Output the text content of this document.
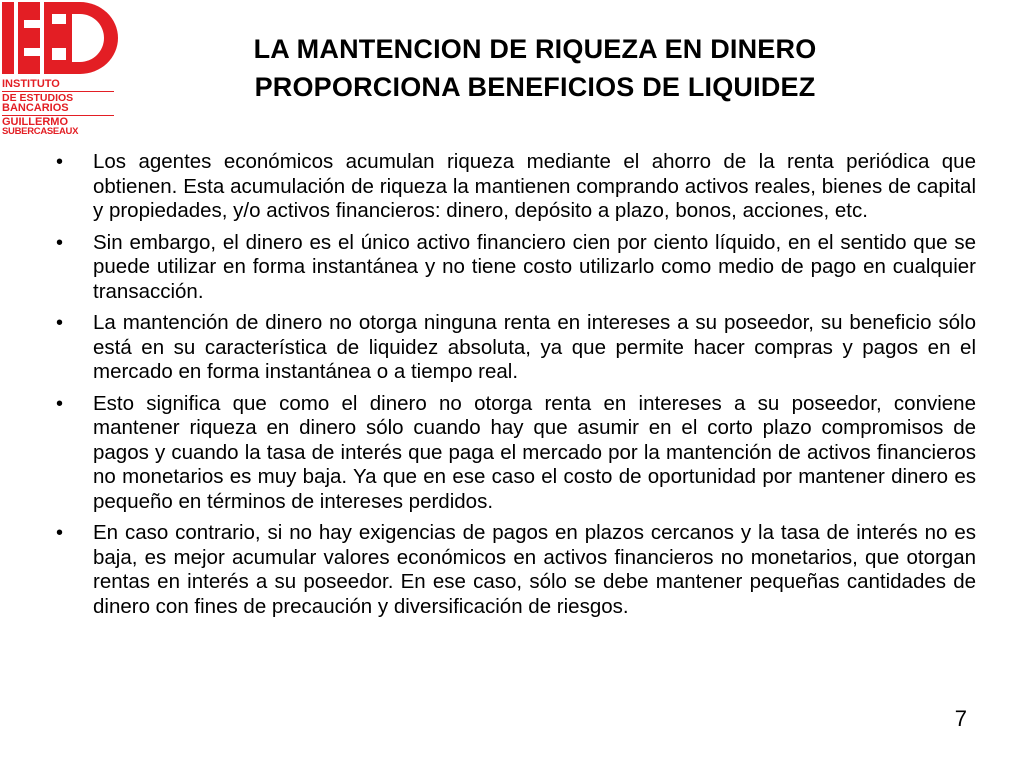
INSTITUTO
DE ESTUDIOS
BANCARIOS
GUILLERMO
SUBERCASEAUX
LA MANTENCION DE RIQUEZA EN DINERO
PROPORCIONA BENEFICIOS DE LIQUIDEZ
• Los agentes económicos acumulan riqueza mediante el ahorro de la renta periódica que obtienen. Esta acumulación de riqueza la mantienen comprando activos reales, bienes de capital y propiedades, y/o activos financieros: dinero, depósito a plazo, bonos, acciones, etc.
• Sin embargo, el dinero es el único activo financiero cien por ciento líquido, en el sentido que se puede utilizar en forma instantánea y no tiene costo utilizarlo como medio de pago en cualquier transacción.
• La mantención de dinero no otorga ninguna renta en intereses a su poseedor, su beneficio sólo está en su característica de liquidez absoluta, ya que permite hacer compras y pagos en el mercado en forma instantánea o a tiempo real.
• Esto significa que como el dinero no otorga renta en intereses a su poseedor, conviene mantener riqueza en dinero sólo cuando hay que asumir en el corto plazo compromisos de pagos y cuando la tasa de interés que paga el mercado por la mantención de activos financieros no monetarios es muy baja. Ya que en ese caso el costo de oportunidad por mantener dinero es pequeño en términos de intereses perdidos.
• En caso contrario, si no hay exigencias de pagos en plazos cercanos y la tasa de interés no es baja, es mejor acumular valores económicos en activos financieros no monetarios, que otorgan rentas en interés a su poseedor. En ese caso, sólo se debe mantener pequeñas cantidades de dinero con fines de precaución y diversificación de riesgos.
7
